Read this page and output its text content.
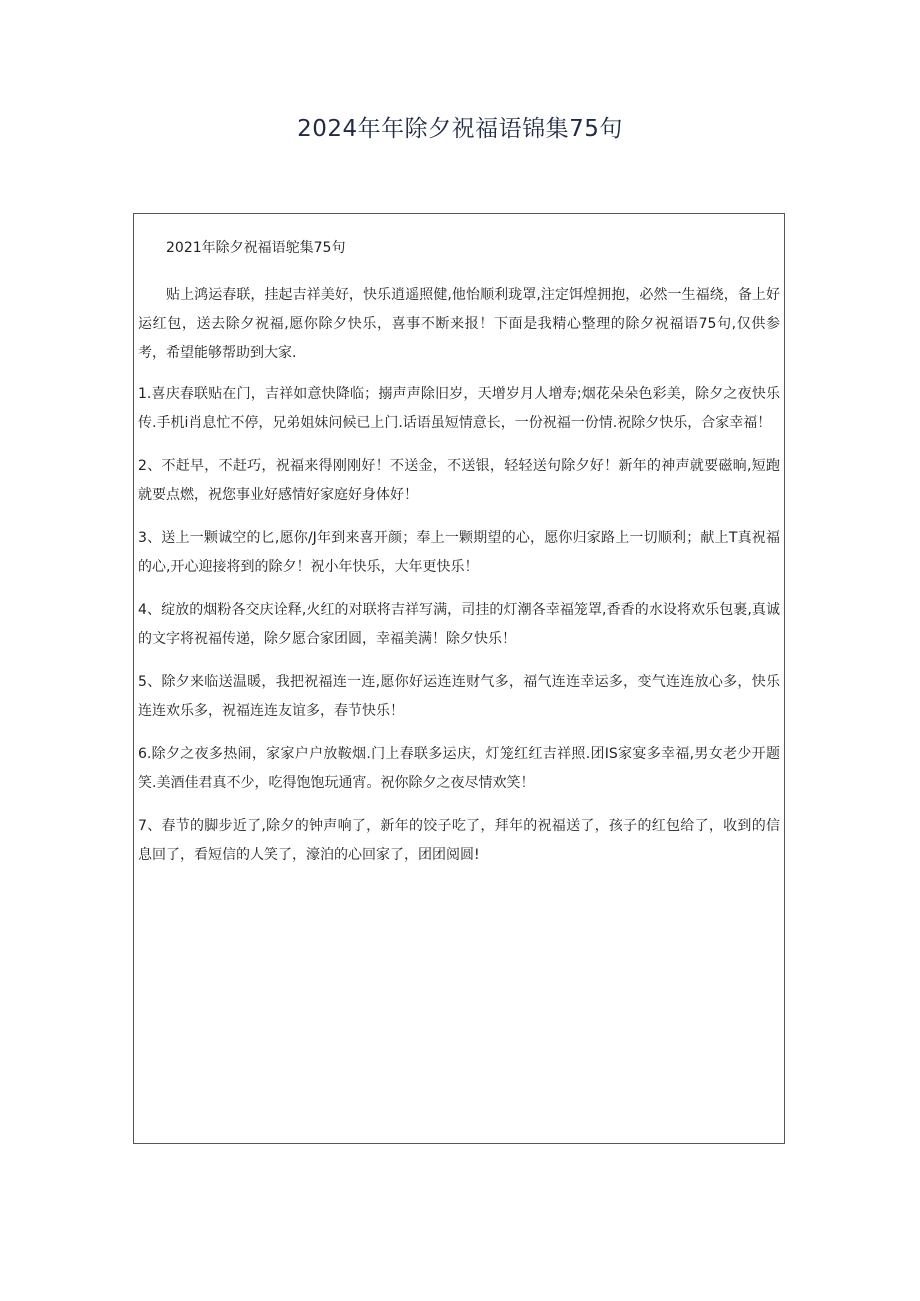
2024年年除夕祝福语锦集75句

2021年除夕祝福语鸵集75句

贴上鸿运春联，挂起吉祥美好，快乐逍遥照健,他怡顺利珑罩,注定饵煌拥抱，必然一生福绕，备上好运红包，送去除夕祝福,愿你除夕快乐，喜事不断来报！下面是我精心整理的除夕祝福语75句,仅供参考，希望能够帮助到大家.

1.喜庆春联贴在门，吉祥如意快降临；搦声声除旧岁，天增岁月人增寿;烟花朵朵色彩美，除夕之夜快乐传.手机i肖息忙不停，兄弟姐妹问候已上门.话语虽短情意长，一份祝福一份情.祝除夕快乐，合家幸福！

2、不赶早，不赶巧，祝福来得刚刚好！不送金，不送银，轻轻送句除夕好！新年的神声就要磁晌,短跑就要点燃，祝您事业好感情好家庭好身体好！

3、送上一颗诚空的匕,愿你/J年到来喜开颜；奉上一颗期望的心，愿你归家路上一切顺利；献上T真祝福的心,开心迎接将到的除夕！祝小年快乐，大年更快乐！

4、绽放的烟粉各交庆诠释,火红的对联将吉祥写满，司挂的灯潮各幸福笼罩,香香的水设将欢乐包裹,真诚的文字将祝福传递，除夕愿合家团圆，幸福美满！除夕快乐！

5、除夕来临送温暖，我把祝福连一连,愿你好运连连财气多，福气连连幸运多，变气连连放心多，快乐连连欢乐多，祝福连连友谊多，春节快乐！

6.除夕之夜多热闹，家家户户放鞍烟.门上春联多运庆，灯笼红红吉祥照.团IS家宴多幸福,男女老少开题笑.美酒佳君真不少，吃得饱饱玩通宵。祝你除夕之夜尽情欢笑！

7、春节的脚步近了,除夕的钟声响了，新年的饺子吃了，拜年的祝福送了，孩子的红包给了，收到的信息回了，看短信的人笑了，濠泊的心回家了，团团阅圆!
